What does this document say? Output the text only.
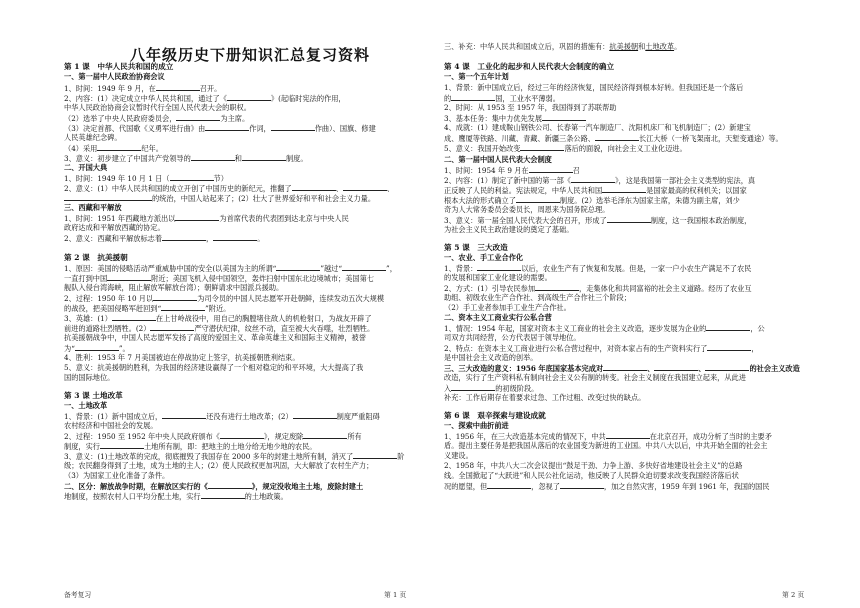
八年级历史下册知识汇总复习资料
第 1 课　中华人民共和国的成立
一、第一届中人民政治协商会议
1、时间：1949 年 9 月，在	召开。
2、内容：(1）决定成立中华人民共和国，通过了《	》(起临时宪法的作用，
中华人民政治协商会议暂时代行全国人民代表大会的职权。
（2）选举了中央人民政府委员会，	为主席。
（3）决定首都、代国歌《义勇军进行曲》由	作词，	作曲）、国旗、修建
人民英雄纪念碑。
（4）采用	纪年。
3、意义：初步建立了中国共产党领导的	和	制度。
二、开国大典
1、时间：1949 年 10 月 1 日（	节）
2、意义：(1）中华人民共和国的成立开创了中国历史的新纪元，推翻了	、	、
的统治，中国人站起来了；(2）壮大了世界爱好和平和社会主义力量。
三、西藏和平解放
1、时间：1951 年西藏地方派出以	为首席代表的代表团到达北京与中央人民
政府达成和平解放西藏的协定。
2、意义：西藏和平解放标志着	，	。
第 2 课　抗美援朝
1、原因：美国的侵略活动严重威胁中国的安全(以美国为主的所谓“	”越过“	”，
一直打到中国	附近；美国飞机入侵中国领空，轰炸扫射中国东北边境城市；美国第七
舰队入侵台湾海峡，阻止解放军解放台湾）；朝鲜请求中国派兵援助。
2、过程：1950 年 10 月以	为司令员的中国人民志愿军开赴朝鲜，连续发动五次大规模
的战役，把美国侵略军赶回到“	”附近。
3、英雄：(1）	在上甘岭战役中，用自己的胸膛堵住敌人的机枪射口，为战友开辟了
前进的道路壮烈牺牲。(2）	严守潜伏纪律，纹丝不动，直至被大火吞噬，壮烈牺牲。
抗美援朝战争中，中国人民志愿军发扬了高度的爱国主义、革命英雄主义和国际主义精神，被誉
为“	”。
4、胜利：1953 年 7 月美国被迫在停战协定上签字，抗美援朝胜利结束。
5、意义：抗美援朝的胜利，为我国的经济建设赢得了一个相对稳定的和平环境，大大提高了我
国的国际地位。
第 3 课 土地改革
一、土地改革
1、背景：(1）新中国成立后，	还没有进行土地改革；(2）	制度严重阻碍
农村经济和中国社会的发展。
2、过程：1950 至 1952 年中央人民政府颁布《	》，规定废除	所有
制度，实行	土地所有制，即：把地主的土地分给无地少地的农民。
3、意义：(1)土地改革的完成，彻底摧毁了我国存在 2000 多年的封建土地所有制，消灭了	阶
级；农民翻身得到了土地，成为土地的主人；(2）使人民政权更加巩固，大大解放了农村生产力；
（3）为国家工业化准备了条件。
二、区分：解放战争时期，在解放区实行的《	》，规定没收地主土地，废除封建土
地制度，按照农村人口平均分配土地，实行	的土地政策。
三、补充：中华人民共和国成立后，巩固的措施有：抗美援朝和土地改革。
第 4 课　工业化的起步和人民代表大会制度的确立
一、第一个五年计划
1、背景：新中国成立后，经过三年的经济恢复，国民经济得到根本好转。但我国还是一个落后
的	国，工业水平薄弱。
2、时间：从 1953 至 1957 年，我国得到了苏联帮助
3、基本任务：集中力优先发展
4、成就：(1）建成鞍山钢铁公司、长春第一汽车制造厂、沈阳机床厂和飞机制造厂；(2）新建宝
成、鹰厦等铁路、川藏、青藏、新疆三条公路、	长江大桥（一桥飞架南北，天堑变通途）等。
5、意义：我国开始改变	落后的面貌，向社会主义工业化迈进。
二、第一届中国人民代表大会制度
1、时间：1954 年 9 月在	召
2、内容：(1）制定了新中国的第一部《	》，这是我国第一部社会主义类型的宪法，真
正反映了人民的利益。宪法规定，中华人民共和国	是国家最高的权利机关；以国家
根本大法的形式确立了	制度。(2）选举毛泽东为国家主席，朱德为副主席，刘少
奇为人大常务委员会委员长，周恩来为国务院总理。
3、意义：第一届全国人民代表大会的召开，形成了	制度，这一我国根本政治制度，
为社会主义民主政治建设的奠定了基础。
第 5 课　三大改造
一、农业、手工业合作化
1、背景：	以后，农业生产有了恢复和发展。但是，一家一户小农生产满足不了农民
的发展和国家工业化建设的需要。
2、方式：(1）引导农民参加	，走集体化和共同富裕的社会主义道路。经历了农业互
助组、初级农业生产合作社、到高级生产合作社三个阶段；
（2）手工业者参加手工业生产合作社。
二、资本主义工商业实行公私合营
1、情况：1954 年起，国家对资本主义工商业的社会主义改造，逐步发展为企业的	，公
司双方共同经营，公方代表居于领导地位。
2、特点：在资本主义工商业进行公私合营过程中，对资本家占有的生产资料实行了	，
是中国社会主义改造的创举。
三、三大改造的意义：1956 年底国家基本完成对	、	、	的社会主义改造
改造，实行了生产资料私有制向社会主义公有制的转变。社会主义制度在我国建立起来，从此进
入	的初级阶段。
补充：工作后期存在着要求过急、工作过粗、改变过快的缺点。
第 6 课　艰辛探索与建设成就
一、探索中曲折前进
1、1956 年，在三大改造基本完成的情况下，中共	在北京召开，成功分析了当时的主要矛
盾。提出主要任务是把我国从落后的农业国变为新进的工业国。中共八大以后，中共开始全面的社会主
义建设。
2、1958 年，中共八大二次会议提出“鼓足干劲、力争上游、多快好省地建设社会主义”的总路
线。全国掀起了“大跃进”和人民公社化运动，他反映了人民群众迫切要求改变我国经济落后状
况的愿望，但	，忽视了	，加之自然灾害，1959 年到 1961 年，我国的国民
备考复习	第 1 页	第 2 页
